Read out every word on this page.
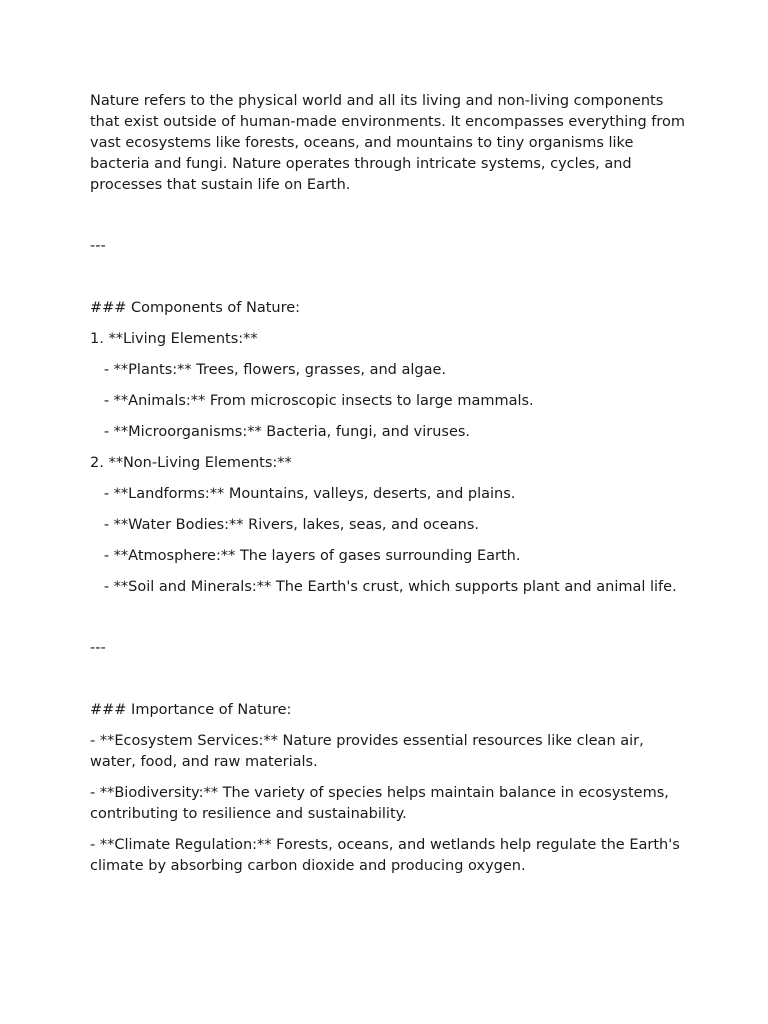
Nature refers to the physical world and all its living and non-living components that exist outside of human-made environments. It encompasses everything from vast ecosystems like forests, oceans, and mountains to tiny organisms like bacteria and fungi. Nature operates through intricate systems, cycles, and processes that sustain life on Earth.

---

### Components of Nature:

1. **Living Elements:**

- **Plants:** Trees, flowers, grasses, and algae.

- **Animals:** From microscopic insects to large mammals.

- **Microorganisms:** Bacteria, fungi, and viruses.

2. **Non-Living Elements:**

- **Landforms:** Mountains, valleys, deserts, and plains.

- **Water Bodies:** Rivers, lakes, seas, and oceans.

- **Atmosphere:** The layers of gases surrounding Earth.

- **Soil and Minerals:** The Earth's crust, which supports plant and animal life.

---

### Importance of Nature:

- **Ecosystem Services:** Nature provides essential resources like clean air, water, food, and raw materials.

- **Biodiversity:** The variety of species helps maintain balance in ecosystems, contributing to resilience and sustainability.

- **Climate Regulation:** Forests, oceans, and wetlands help regulate the Earth's climate by absorbing carbon dioxide and producing oxygen.
